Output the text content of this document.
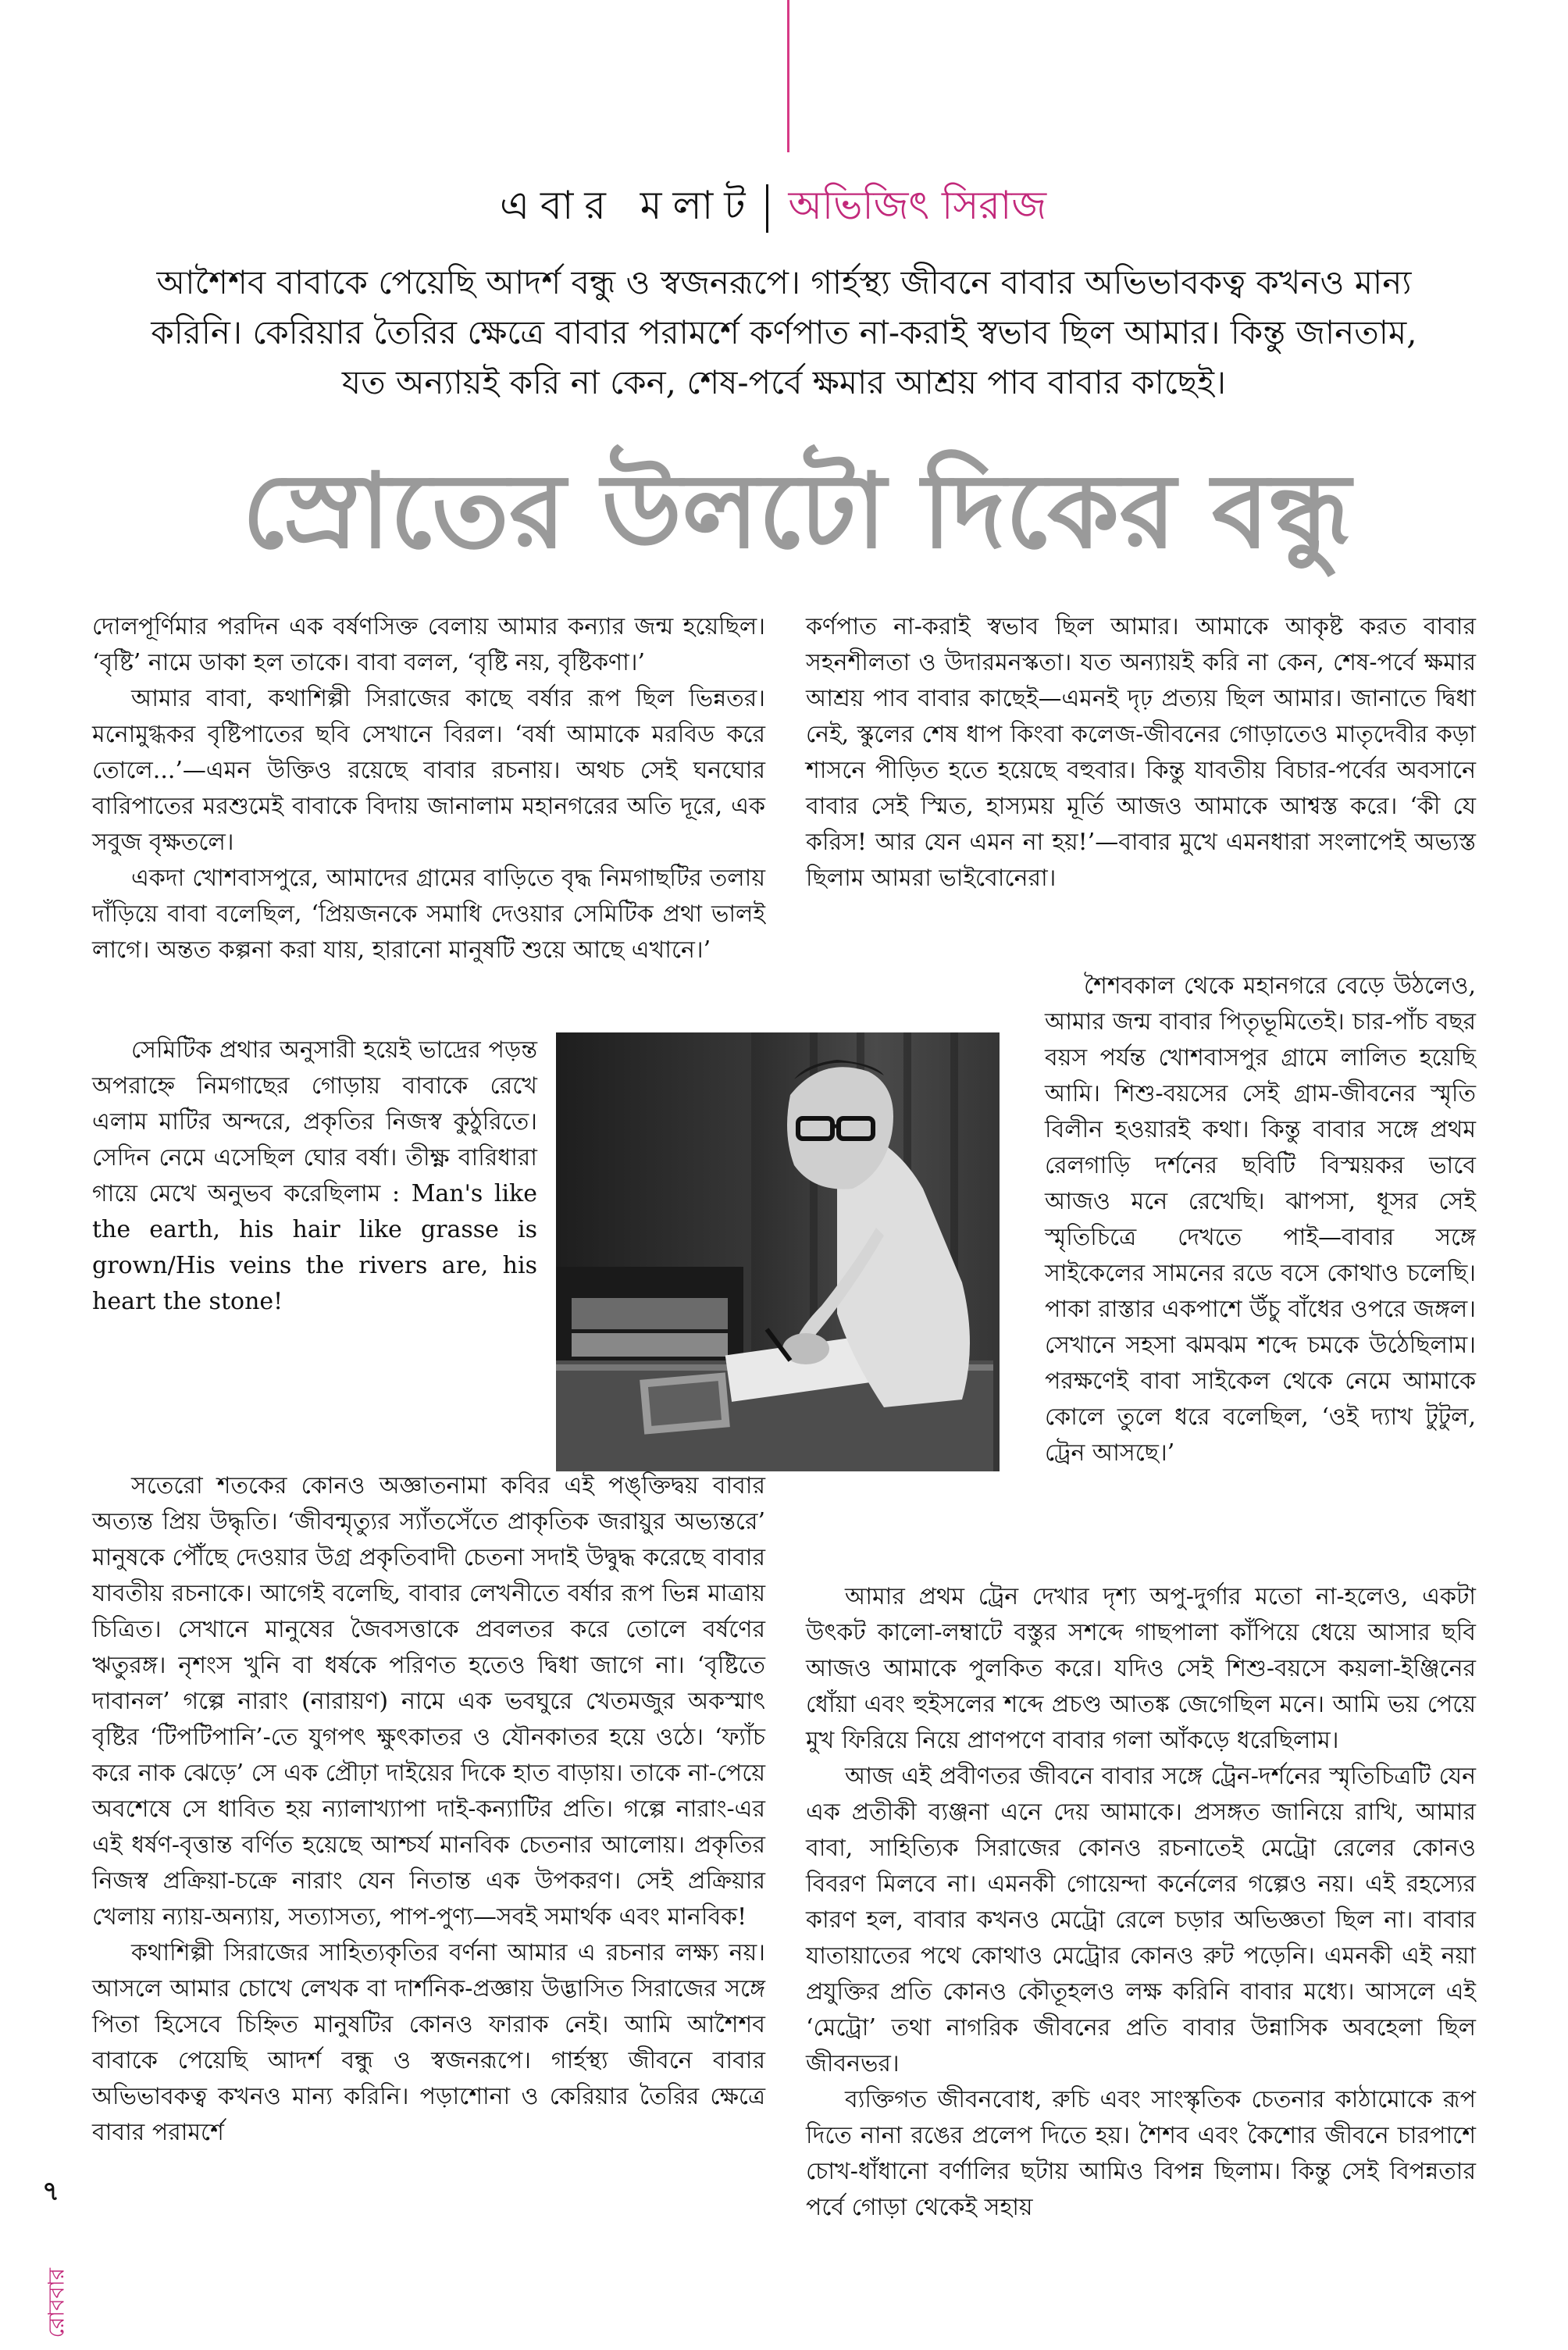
এবার মলাট অভিজিৎ সিরাজ
আশৈশব বাবাকে পেয়েছি আদর্শ বন্ধু ও স্বজনরূপে। গার্হস্থ্য জীবনে বাবার অভিভাবকত্ব কখনও মান্য করিনি। কেরিয়ার তৈরির ক্ষেত্রে বাবার পরামর্শে কর্ণপাত না-করাই স্বভাব ছিল আমার। কিন্তু জানতাম, যত অন্যায়ই করি না কেন, শেষ-পর্বে ক্ষমার আশ্রয় পাব বাবার কাছেই।
স্রোতের উলটো দিকের বন্ধু

দোলপূর্ণিমার পরদিন এক বর্ষণসিক্ত বেলায় আমার কন্যার জন্ম হয়েছিল। ‘বৃষ্টি’ নামে ডাকা হল তাকে। বাবা বলল, ‘বৃষ্টি নয়, বৃষ্টিকণা।’

আমার বাবা, কথাশিল্পী সিরাজের কাছে বর্ষার রূপ ছিল ভিন্নতর। মনোমুগ্ধকর বৃষ্টিপাতের ছবি সেখানে বিরল। ‘বর্ষা আমাকে মরবিড করে তোলে...’—এমন উক্তিও রয়েছে বাবার রচনায়। অথচ সেই ঘনঘোর বারিপাতের মরশুমেই বাবাকে বিদায় জানালাম মহানগরের অতি দূরে, এক সবুজ বৃক্ষতলে।

একদা খোশবাসপুরে, আমাদের গ্রামের বাড়িতে বৃদ্ধ নিমগাছটির তলায় দাঁড়িয়ে বাবা বলেছিল, ‘প্রিয়জনকে সমাধি দেওয়ার সেমিটিক প্রথা ভালই লাগে। অন্তত কল্পনা করা যায়, হারানো মানুষটি শুয়ে আছে এখানে।’

সেমিটিক প্রথার অনুসারী হয়েই ভাদ্রের পড়ন্ত অপরাহ্নে নিমগাছের গোড়ায় বাবাকে রেখে এলাম মাটির অন্দরে, প্রকৃতির নিজস্ব কুঠুরিতে। সেদিন নেমে এসেছিল ঘোর বর্ষা। তীক্ষ্ণ বারিধারা গায়ে মেখে অনুভব করেছিলাম : Man's like the earth, his hair like grasse is grown/His veins the rivers are, his heart the stone!

সতেরো শতকের কোনও অজ্ঞাতনামা কবির এই পঙ্‌ক্তিদ্বয় বাবার অত্যন্ত প্রিয় উদ্ধৃতি। ‘জীবন্মৃত্যুর স্যাঁতসেঁতে প্রাকৃতিক জরায়ুর অভ্যন্তরে’ মানুষকে পৌঁছে দেওয়ার উগ্র প্রকৃতিবাদী চেতনা সদাই উদ্বুদ্ধ করেছে বাবার যাবতীয় রচনাকে। আগেই বলেছি, বাবার লেখনীতে বর্ষার রূপ ভিন্ন মাত্রায় চিত্রিত। সেখানে মানুষের জৈবসত্তাকে প্রবলতর করে তোলে বর্ষণের ঋতুরঙ্গ। নৃশংস খুনি বা ধর্ষকে পরিণত হতেও দ্বিধা জাগে না। ‘বৃষ্টিতে দাবানল’ গল্পে নারাং (নারায়ণ) নামে এক ভবঘুরে খেতমজুর অকস্মাৎ বৃষ্টির ‘টিপটিপানি’-তে যুগপৎ ক্ষুৎকাতর ও যৌনকাতর হয়ে ওঠে। ‘ফ্যাঁচ করে নাক ঝেড়ে’ সে এক প্রৌঢ়া দাইয়ের দিকে হাত বাড়ায়। তাকে না-পেয়ে অবশেষে সে ধাবিত হয় ন্যালাখ্যাপা দাই-কন্যাটির প্রতি। গল্পে নারাং-এর এই ধর্ষণ-বৃত্তান্ত বর্ণিত হয়েছে আশ্চর্য মানবিক চেতনার আলোয়। প্রকৃতির নিজস্ব প্রক্রিয়া-চক্রে নারাং যেন নিতান্ত এক উপকরণ। সেই প্রক্রিয়ার খেলায় ন্যায়-অন্যায়, সত্যাসত্য, পাপ-পুণ্য—সবই সমার্থক এবং মানবিক!

কথাশিল্পী সিরাজের সাহিত্যকৃতির বর্ণনা আমার এ রচনার লক্ষ্য নয়। আসলে আমার চোখে লেখক বা দার্শনিক-প্রজ্ঞায় উদ্ভাসিত সিরাজের সঙ্গে পিতা হিসেবে চিহ্নিত মানুষটির কোনও ফারাক নেই। আমি আশৈশব বাবাকে পেয়েছি আদর্শ বন্ধু ও স্বজনরূপে। গার্হস্থ্য জীবনে বাবার অভিভাবকত্ব কখনও মান্য করিনি। পড়াশোনা ও কেরিয়ার তৈরির ক্ষেত্রে বাবার পরামর্শে

কর্ণপাত না-করাই স্বভাব ছিল আমার। আমাকে আকৃষ্ট করত বাবার সহনশীলতা ও উদারমনস্কতা। যত অন্যায়ই করি না কেন, শেষ-পর্বে ক্ষমার আশ্রয় পাব বাবার কাছেই—এমনই দৃঢ় প্রত্যয় ছিল আমার। জানাতে দ্বিধা নেই, স্কুলের শেষ ধাপ কিংবা কলেজ-জীবনের গোড়াতেও মাতৃদেবীর কড়া শাসনে পীড়িত হতে হয়েছে বহুবার। কিন্তু যাবতীয় বিচার-পর্বের অবসানে বাবার সেই স্মিত, হাস্যময় মূর্তি আজও আমাকে আশ্বস্ত করে। ‘কী যে করিস! আর যেন এমন না হয়!’—বাবার মুখে এমনধারা সংলাপেই অভ্যস্ত ছিলাম আমরা ভাইবোনেরা।

শৈশবকাল থেকে মহানগরে বেড়ে উঠলেও, আমার জন্ম বাবার পিতৃভূমিতেই। চার-পাঁচ বছর বয়স পর্যন্ত খোশবাসপুর গ্রামে লালিত হয়েছি আমি। শিশু-বয়সের সেই গ্রাম-জীবনের স্মৃতি বিলীন হওয়ারই কথা। কিন্তু বাবার সঙ্গে প্রথম রেলগাড়ি দর্শনের ছবিটি বিস্ময়কর ভাবে আজও মনে রেখেছি। ঝাপসা, ধূসর সেই স্মৃতিচিত্রে দেখতে পাই—বাবার সঙ্গে সাইকেলের সামনের রডে বসে কোথাও চলেছি। পাকা রাস্তার একপাশে উঁচু বাঁধের ওপরে জঙ্গল। সেখানে সহসা ঝমঝম শব্দে চমকে উঠেছিলাম। পরক্ষণেই বাবা সাইকেল থেকে নেমে আমাকে কোলে তুলে ধরে বলেছিল, ‘ওই দ্যাখ টুটুল, ট্রেন আসছে।’

আমার প্রথম ট্রেন দেখার দৃশ্য অপু-দুর্গার মতো না-হলেও, একটা উৎকট কালো-লম্বাটে বস্তুর সশব্দে গাছপালা কাঁপিয়ে ধেয়ে আসার ছবি আজও আমাকে পুলকিত করে। যদিও সেই শিশু-বয়সে কয়লা-ইঞ্জিনের ধোঁয়া এবং হুইসলের শব্দে প্রচণ্ড আতঙ্ক জেগেছিল মনে। আমি ভয় পেয়ে মুখ ফিরিয়ে নিয়ে প্রাণপণে বাবার গলা আঁকড়ে ধরেছিলাম।

আজ এই প্রবীণতর জীবনে বাবার সঙ্গে ট্রেন-দর্শনের স্মৃতিচিত্রটি যেন এক প্রতীকী ব্যঞ্জনা এনে দেয় আমাকে। প্রসঙ্গত জানিয়ে রাখি, আমার বাবা, সাহিত্যিক সিরাজের কোনও রচনাতেই মেট্রো রেলের কোনও বিবরণ মিলবে না। এমনকী গোয়েন্দা কর্নেলের গল্পেও নয়। এই রহস্যের কারণ হল, বাবার কখনও মেট্রো রেলে চড়ার অভিজ্ঞতা ছিল না। বাবার যাতায়াতের পথে কোথাও মেট্রোর কোনও রুট পড়েনি। এমনকী এই নয়া প্রযুক্তির প্রতি কোনও কৌতূহলও লক্ষ করিনি বাবার মধ্যে। আসলে এই ‘মেট্রো’ তথা নাগরিক জীবনের প্রতি বাবার উন্নাসিক অবহেলা ছিল জীবনভর।

ব্যক্তিগত জীবনবোধ, রুচি এবং সাংস্কৃতিক চেতনার কাঠামোকে রূপ দিতে নানা রঙের প্রলেপ দিতে হয়। শৈশব এবং কৈশোর জীবনে চারপাশে চোখ-ধাঁধানো বর্ণালির ছটায় আমিও বিপন্ন ছিলাম। কিন্তু সেই বিপন্নতার পর্বে গোড়া থেকেই সহায়

৭
রোববার
